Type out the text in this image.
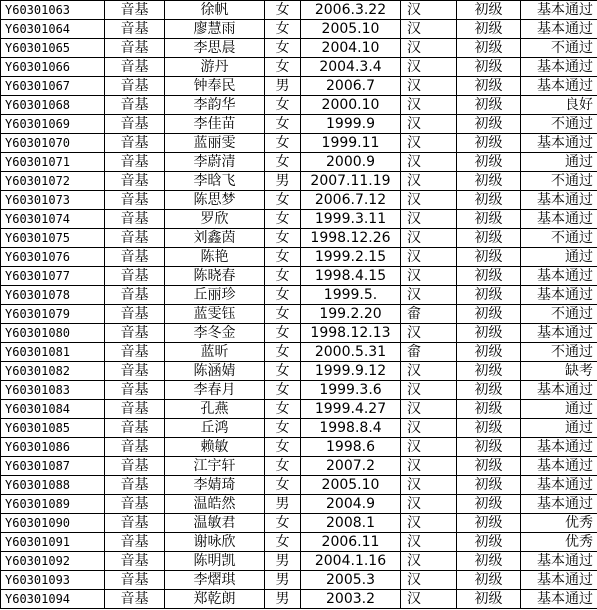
Y60301063	音基	徐帆	女	2006.3.22	汉	初级	基本通过
Y60301064	音基	廖慧雨	女	2005.10	汉	初级	基本通过
Y60301065	音基	李思晨	女	2004.10	汉	初级	不通过
Y60301066	音基	游丹	女	2004.3.4	汉	初级	基本通过
Y60301067	音基	钟奉民	男	2006.7	汉	初级	基本通过
Y60301068	音基	李韵华	女	2000.10	汉	初级	良好
Y60301069	音基	李佳苗	女	1999.9	汉	初级	不通过
Y60301070	音基	蓝丽雯	女	1999.11	汉	初级	基本通过
Y60301071	音基	李蔚清	女	2000.9	汉	初级	通过
Y60301072	音基	李晗飞	男	2007.11.19	汉	初级	不通过
Y60301073	音基	陈思梦	女	2006.7.12	汉	初级	基本通过
Y60301074	音基	罗欣	女	1999.3.11	汉	初级	基本通过
Y60301075	音基	刘鑫茵	女	1998.12.26	汉	初级	不通过
Y60301076	音基	陈艳	女	1999.2.15	汉	初级	通过
Y60301077	音基	陈晓春	女	1998.4.15	汉	初级	基本通过
Y60301078	音基	丘丽珍	女	1999.5.	汉	初级	基本通过
Y60301079	音基	蓝雯钰	女	199.2.20	畲	初级	不通过
Y60301080	音基	李冬金	女	1998.12.13	汉	初级	基本通过
Y60301081	音基	蓝昕	女	2000.5.31	畲	初级	不通过
Y60301082	音基	陈涵婧	女	1999.9.12	汉	初级	缺考
Y60301083	音基	李春月	女	1999.3.6	汉	初级	基本通过
Y60301084	音基	孔燕	女	1999.4.27	汉	初级	通过
Y60301085	音基	丘鸿	女	1998.8.4	汉	初级	通过
Y60301086	音基	赖敏	女	1998.6	汉	初级	基本通过
Y60301087	音基	江宇轩	女	2007.2	汉	初级	基本通过
Y60301088	音基	李婧琦	女	2005.10	汉	初级	基本通过
Y60301089	音基	温皓然	男	2004.9	汉	初级	基本通过
Y60301090	音基	温敏君	女	2008.1	汉	初级	优秀
Y60301091	音基	谢咏欣	女	2006.11	汉	初级	优秀
Y60301092	音基	陈明凯	男	2004.1.16	汉	初级	基本通过
Y60301093	音基	李熠琪	男	2005.3	汉	初级	基本通过
Y60301094	音基	郑乾朗	男	2003.2	汉	初级	基本通过
